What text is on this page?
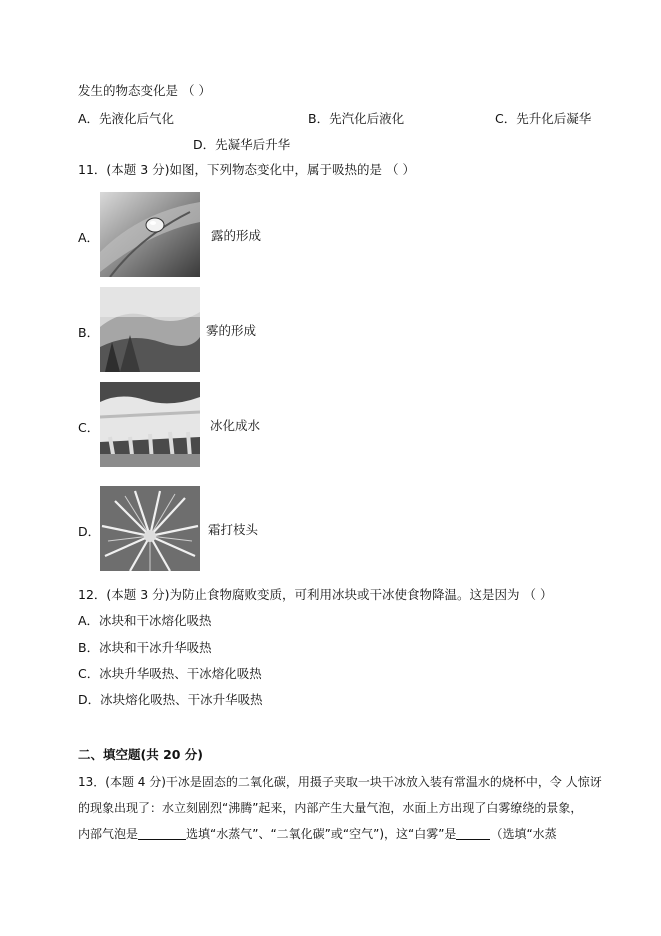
发生的物态变化是 （ ）
A．先液化后气化	B．先汽化后液化	C．先升化后凝华
D．先凝华后升华
11．(本题 3 分)如图，下列物态变化中，属于吸热的是 （ ）
A．	露的形成
B．	雾的形成
C．	冰化成水
D．	霜打枝头
12．(本题 3 分)为防止食物腐败变质，可利用冰块或干冰使食物降温。这是因为 （ ）
A．冰块和干冰熔化吸热
B．冰块和干冰升华吸热
C．冰块升华吸热、干冰熔化吸热
D．冰块熔化吸热、干冰升华吸热
二、填空题(共 20 分)
13．(本题 4 分)干冰是固态的二氧化碳，用摄子夹取一块干冰放入装有常温水的烧杯中，令 人惊讶
的现象出现了：水立刻剧烈“沸腾”起来，内部产生大量气泡，水面上方出现了白雾缭绕的景象，
内部气泡是	选填“水蒸气”、“二氧化碳”或“空气”)，这“白雾”是	（选填“水蒸
